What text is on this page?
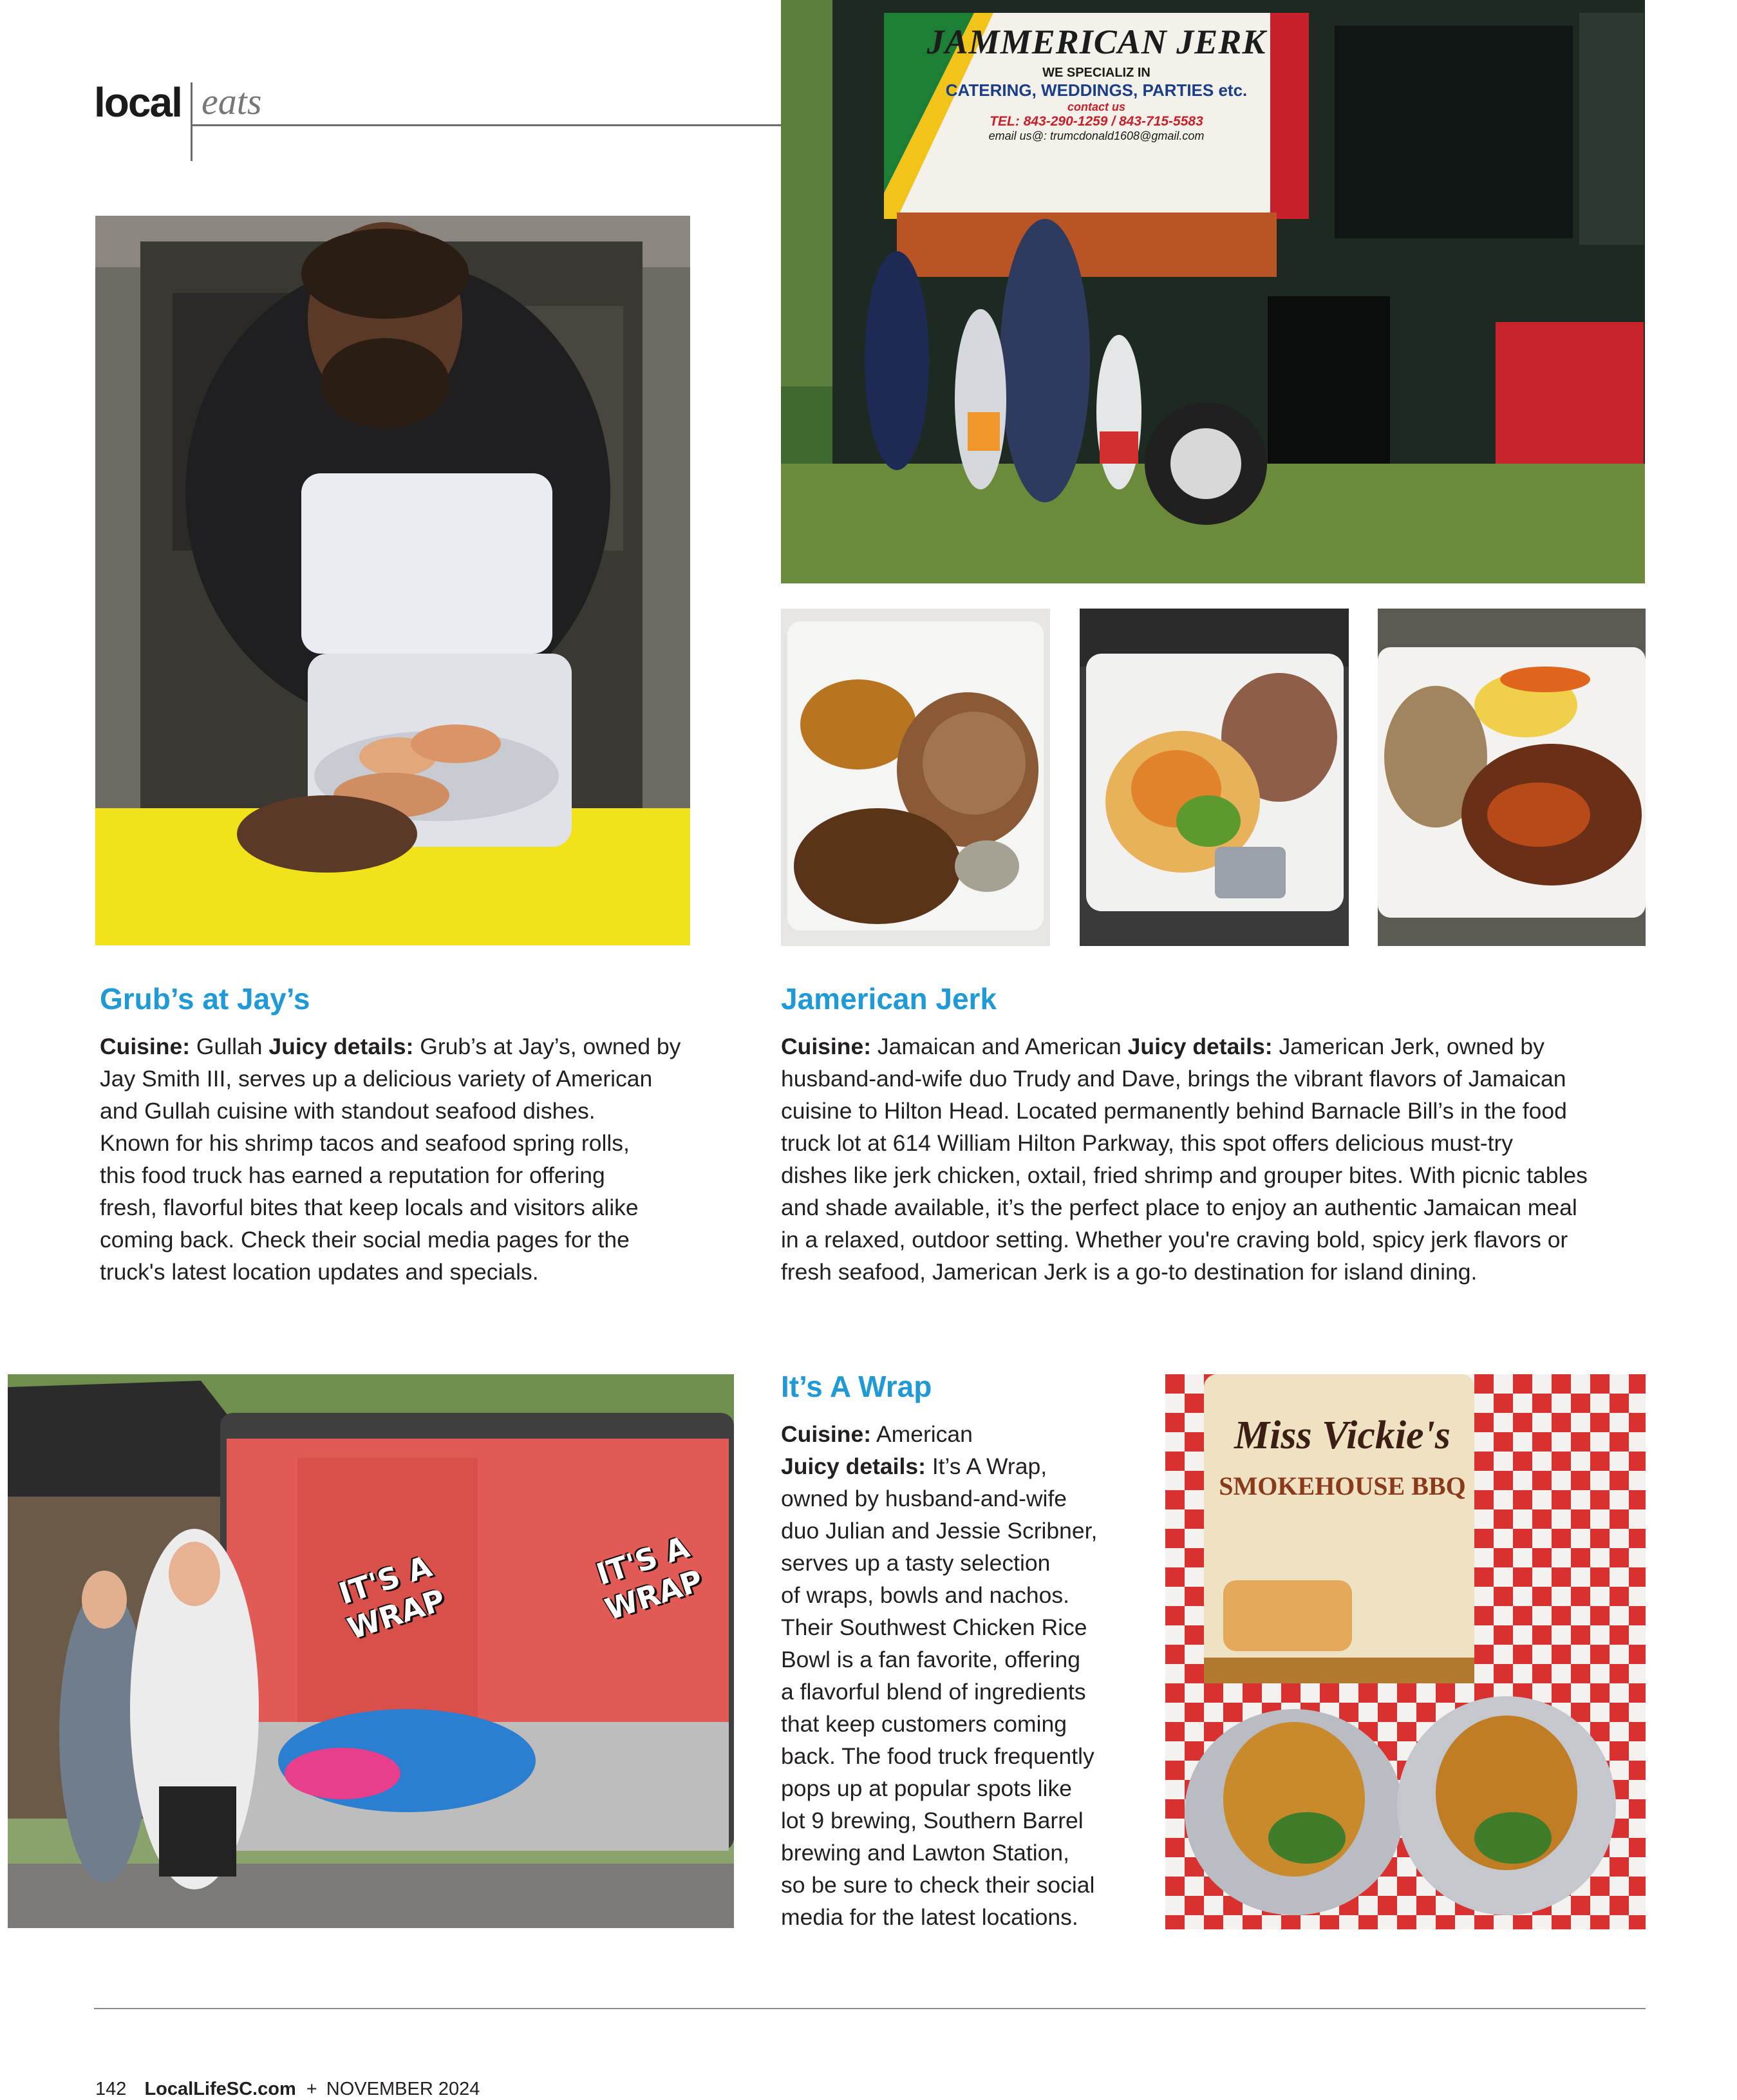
local eats
JAMMERICAN JERK
WE SPECIALIZ IN
CATERING, WEDDINGS, PARTIES etc.
contact us
TEL: 843-290-1259 / 843-715-5583
email us@: trumcdonald1608@gmail.com
IT'S A WRAP
IT'S A WRAP
Miss Vickie's
SMOKEHOUSE BBQ
Grub’s at Jay’s
Cuisine: Gullah Juicy details: Grub’s at Jay’s, owned by
Jay Smith III, serves up a delicious variety of American
and Gullah cuisine with standout seafood dishes.
Known for his shrimp tacos and seafood spring rolls,
this food truck has earned a reputation for offering
fresh, flavorful bites that keep locals and visitors alike
coming back. Check their social media pages for the
truck's latest location updates and specials.
Jamerican Jerk
Cuisine: Jamaican and American Juicy details: Jamerican Jerk, owned by
husband-and-wife duo Trudy and Dave, brings the vibrant flavors of Jamaican
cuisine to Hilton Head. Located permanently behind Barnacle Bill’s in the food
truck lot at 614 William Hilton Parkway, this spot offers delicious must-try
dishes like jerk chicken, oxtail, fried shrimp and grouper bites. With picnic tables
and shade available, it’s the perfect place to enjoy an authentic Jamaican meal
in a relaxed, outdoor setting. Whether you're craving bold, spicy jerk flavors or
fresh seafood, Jamerican Jerk is a go-to destination for island dining.
It’s A Wrap
Cuisine: American
Juicy details: It’s A Wrap,
owned by husband-and-wife
duo Julian and Jessie Scribner,
serves up a tasty selection
of wraps, bowls and nachos.
Their Southwest Chicken Rice
Bowl is a fan favorite, offering
a flavorful blend of ingredients
that keep customers coming
back. The food truck frequently
pops up at popular spots like
lot 9 brewing, Southern Barrel
brewing and Lawton Station,
so be sure to check their social
media for the latest locations.
142 LocalLifeSC.com + NOVEMBER 2024
